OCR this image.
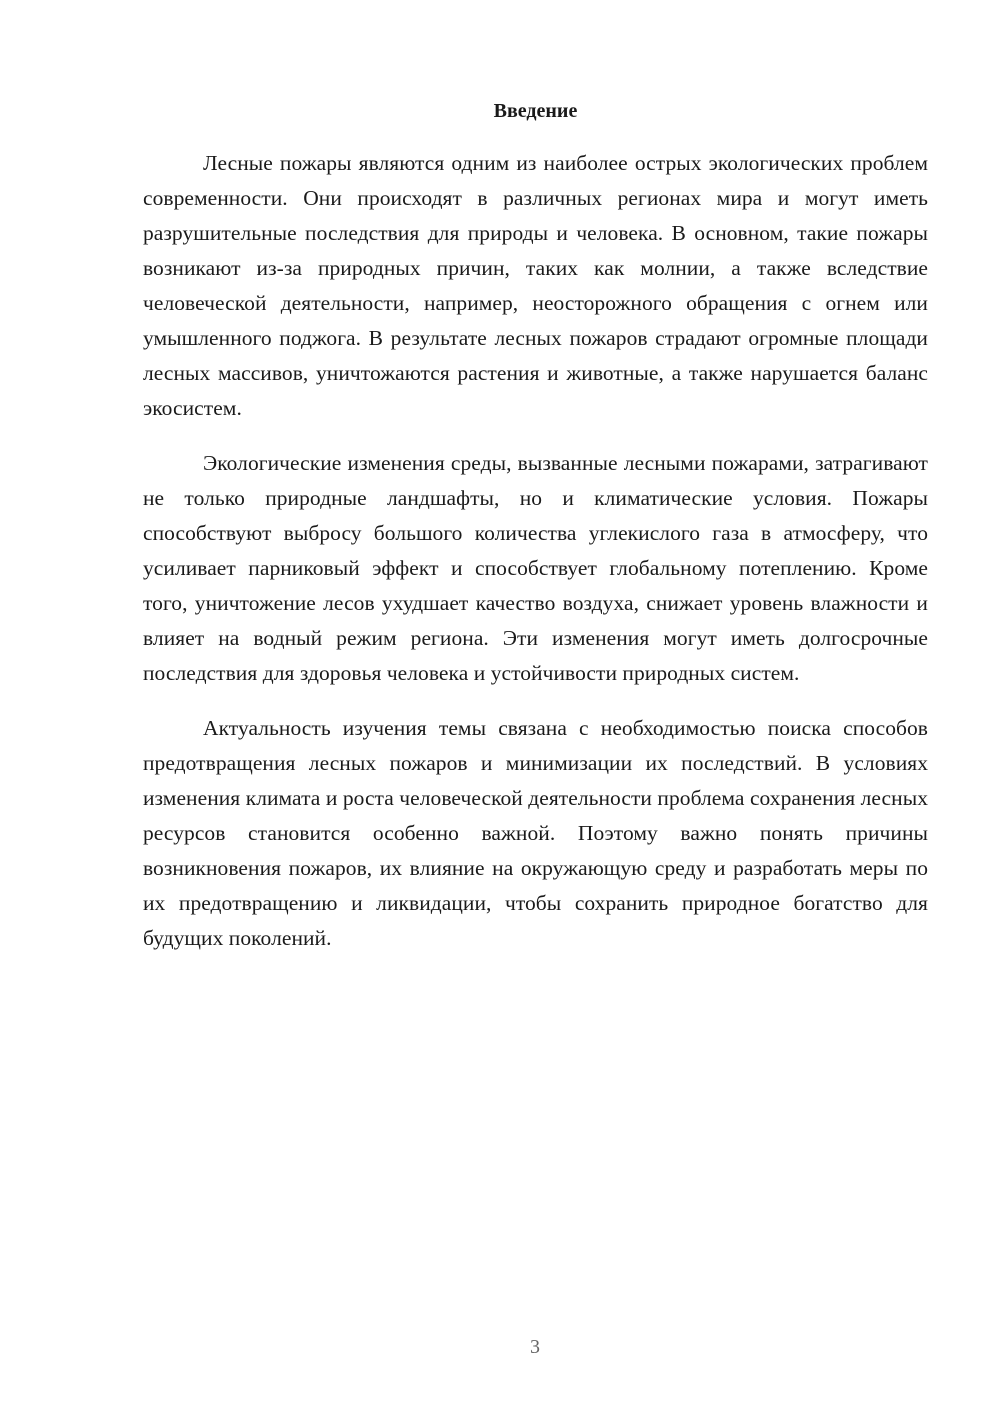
Введение

Лесные пожары являются одним из наиболее острых экологических проблем современности. Они происходят в различных регионах мира и могут иметь разрушительные последствия для природы и человека. В основном, такие пожары возникают из-за природных причин, таких как молнии, а также вследствие человеческой деятельности, например, неосторожного обращения с огнем или умышленного поджога. В результате лесных пожаров страдают огромные площади лесных массивов, уничтожаются растения и животные, а также нарушается баланс экосистем.

Экологические изменения среды, вызванные лесными пожарами, затрагивают не только природные ландшафты, но и климатические условия. Пожары способствуют выбросу большого количества углекислого газа в атмосферу, что усиливает парниковый эффект и способствует глобальному потеплению. Кроме того, уничтожение лесов ухудшает качество воздуха, снижает уровень влажности и влияет на водный режим региона. Эти изменения могут иметь долгосрочные последствия для здоровья человека и устойчивости природных систем.

Актуальность изучения темы связана с необходимостью поиска способов предотвращения лесных пожаров и минимизации их последствий. В условиях изменения климата и роста человеческой деятельности проблема сохранения лесных ресурсов становится особенно важной. Поэтому важно понять причины возникновения пожаров, их влияние на окружающую среду и разработать меры по их предотвращению и ликвидации, чтобы сохранить природное богатство для будущих поколений.

3
